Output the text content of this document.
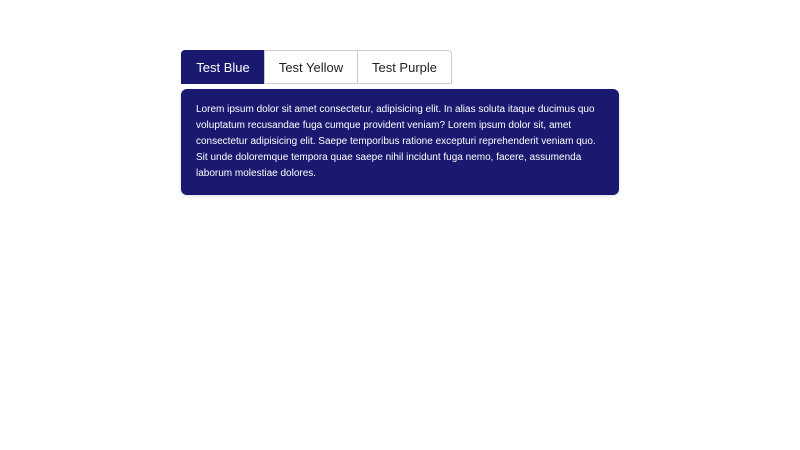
Test Blue	Test Yellow	Test Purple

Lorem ipsum dolor sit amet consectetur, adipisicing elit. In alias soluta itaque ducimus quo voluptatum recusandae fuga cumque provident veniam? Lorem ipsum dolor sit, amet consectetur adipisicing elit. Saepe temporibus ratione excepturi reprehenderit veniam quo. Sit unde doloremque tempora quae saepe nihil incidunt fuga nemo, facere, assumenda laborum molestiae dolores.
